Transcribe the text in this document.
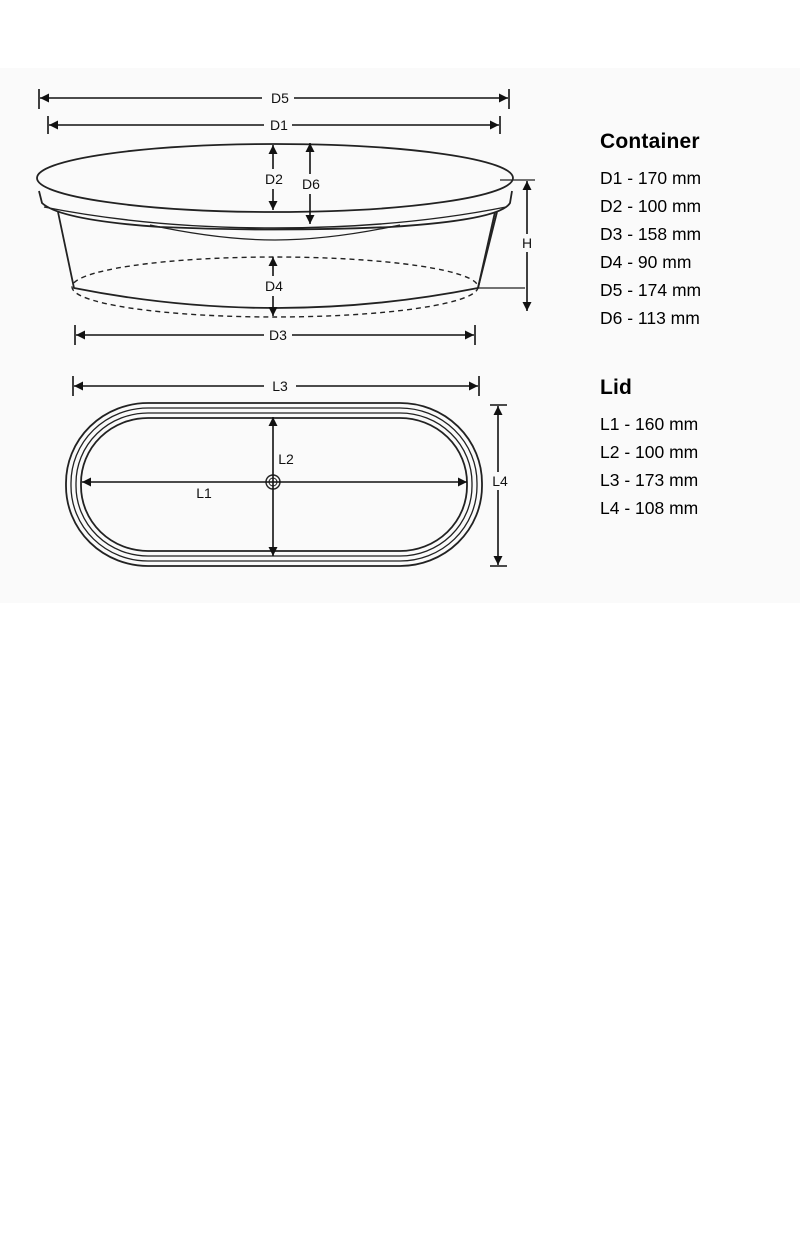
D5
D1
D2 D6
D4
D3
H
L3
L2
L1
L4
Container
D1 - 170 mm
D2 - 100 mm
D3 - 158 mm
D4 - 90 mm
D5 - 174 mm
D6 - 113 mm
Lid
L1 - 160 mm
L2 - 100 mm
L3 - 173 mm
L4 - 108 mm
